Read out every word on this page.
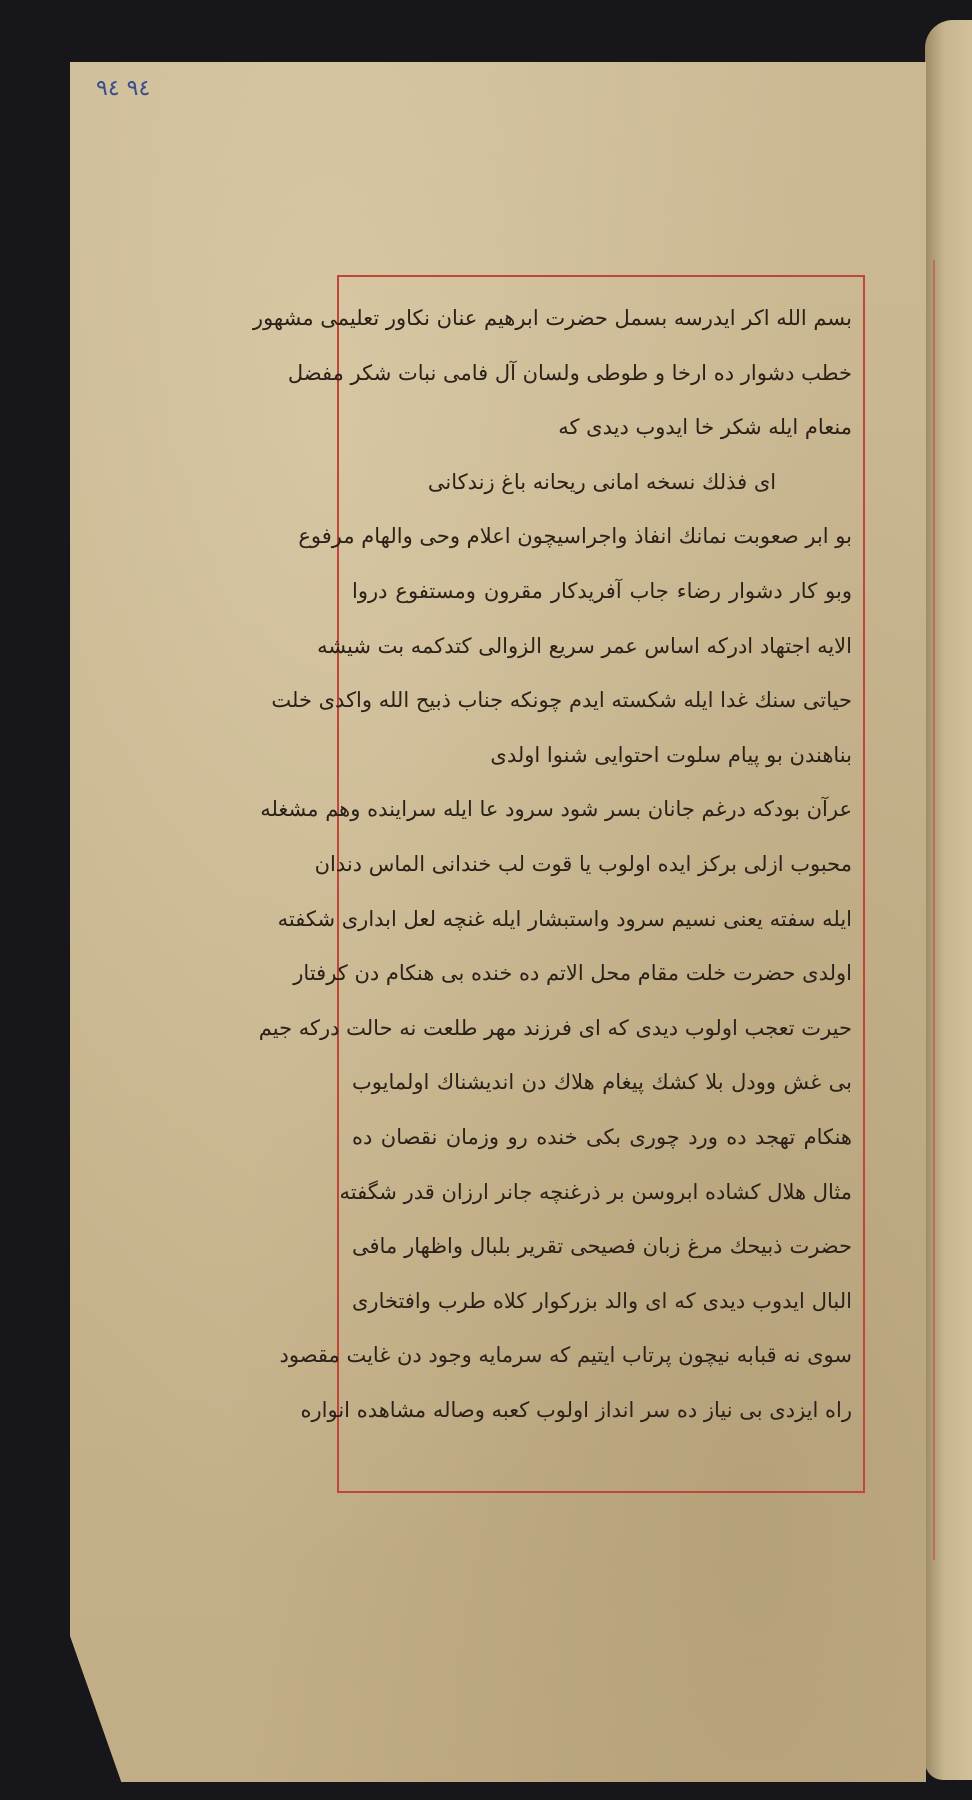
٩٤ ٩٤
بسم الله اكر ايدرسه بسمل حضرت ابرهیم عنان نكاور تعلیمی مشهور
خطب دشوار ده ارخا و طوطی ولسان آل فامی نبات شکر مفضل
منعام ایله شکر خا ایدوب دیدی که
ای فذلك نسخه امانی ریحانه باغ زندكانی
بو ابر صعوبت نمانك انفاذ واجراسیچون اعلام وحی والهام مرفوع
وبو كار دشوار رضاء جاب آفریدكار مقرون ومستفوع دروا
الایه اجتهاد ادركه اساس عمر سریع الزوالی كتدكمه بت شیشه
حیاتی سنك غدا ایله شکسته ایدم چونكه جناب ذبیح الله واكدی خلت
بناهندن بو پیام سلوت احتوایی شنوا اولدی
عرآن بودكه درغم جانان بسر شود سرود عا ایله سراینده وهم مشغله
محبوب ازلی بركز ایده اولوب یا قوت لب خندانی الماس دندان
ایله سفته یعنی نسیم سرود واستبشار ایله غنچه لعل ابداری شکفته
اولدی حضرت خلت مقام محل الاتم ده خنده بی هنكام دن كرفتار
حیرت تعجب اولوب دیدی که ای فرزند مهر طلعت نه حالت دركه جیم
بی غش وودل بلا كشك پیغام هلاك دن اندیشناك اولمایوب
هنكام تهجد ده ورد چوری بكی خنده رو وزمان نقصان ده
مثال هلال كشاده ابروسن بر ذرغنچه جانر ارزان قدر شگفته
حضرت ذبیحك مرغ زبان فصیحی تقریر بلبال واظهار مافی
البال ایدوب دیدی كه ای والد بزركوار كلاه طرب وافتخاری
سوی نه قبابه نیچون پرتاب ایتیم كه سرمایه وجود دن غایت مقصود
راه ایزدی بی نیاز ده سر انداز اولوب كعبه وصاله مشاهده انواره
